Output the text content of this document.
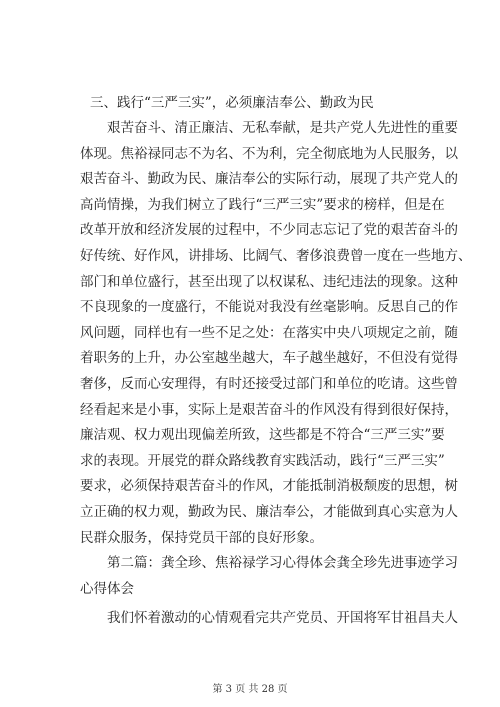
三、践行“三严三实”，必须廉洁奉公、勤政为民
艰苦奋斗、清正廉洁、无私奉献，是共产党人先进性的重要
体现。焦裕禄同志不为名、不为利，完全彻底地为人民服务，以
艰苦奋斗、勤政为民、廉洁奉公的实际行动，展现了共产党人的
高尚情操，为我们树立了践行“三严三实”要求的榜样，但是在
改革开放和经济发展的过程中，不少同志忘记了党的艰苦奋斗的
好传统、好作风，讲排场、比阔气、奢侈浪费曾一度在一些地方、
部门和单位盛行，甚至出现了以权谋私、违纪违法的现象。这种
不良现象的一度盛行，不能说对我没有丝毫影响。反思自己的作
风问题，同样也有一些不足之处：在落实中央八项规定之前，随
着职务的上升，办公室越坐越大，车子越坐越好，不但没有觉得
奢侈，反而心安理得，有时还接受过部门和单位的吃请。这些曾
经看起来是小事，实际上是艰苦奋斗的作风没有得到很好保持，
廉洁观、权力观出现偏差所致，这些都是不符合“三严三实”要
求的表现。开展党的群众路线教育实践活动，践行“三严三实”
要求，必须保持艰苦奋斗的作风，才能抵制消极颓废的思想，树
立正确的权力观，勤政为民、廉洁奉公，才能做到真心实意为人
民群众服务，保持党员干部的良好形象。
第二篇：龚全珍、焦裕禄学习心得体会龚全珍先进事迹学习
心得体会
我们怀着激动的心情观看完共产党员、开国将军甘祖昌夫人
第 3 页 共 28 页
